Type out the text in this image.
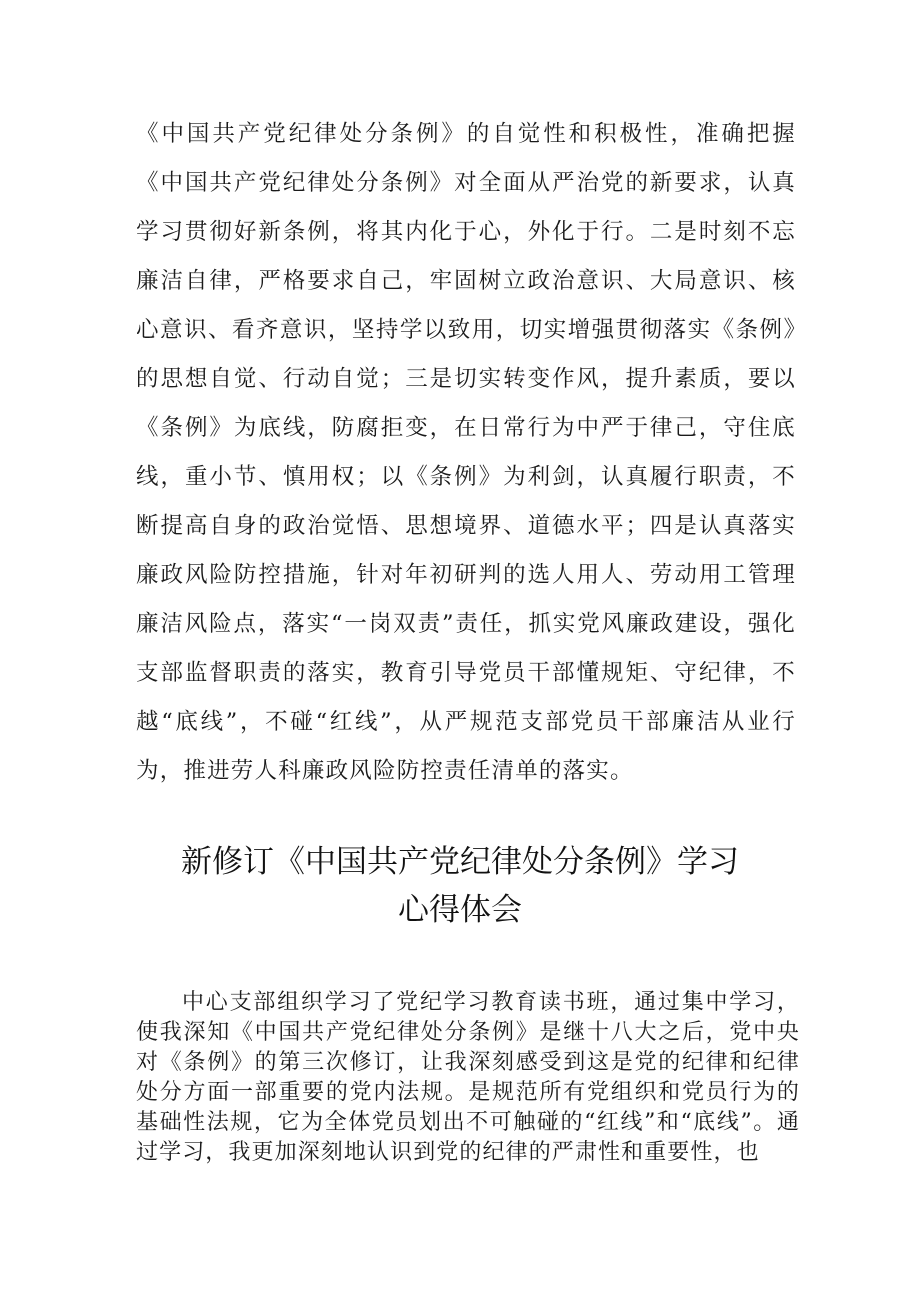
《中国共产党纪律处分条例》的自觉性和积极性，准确把握《中国共产党纪律处分条例》对全面从严治党的新要求，认真学习贯彻好新条例，将其内化于心，外化于行。二是时刻不忘廉洁自律，严格要求自己，牢固树立政治意识、大局意识、核心意识、看齐意识，坚持学以致用，切实增强贯彻落实《条例》的思想自觉、行动自觉；三是切实转变作风，提升素质，要以《条例》为底线，防腐拒变，在日常行为中严于律己，守住底线，重小节、慎用权；以《条例》为利剑，认真履行职责，不断提高自身的政治觉悟、思想境界、道德水平；四是认真落实廉政风险防控措施，针对年初研判的选人用人、劳动用工管理廉洁风险点，落实“一岗双责”责任，抓实党风廉政建设，强化支部监督职责的落实，教育引导党员干部懂规矩、守纪律，不越“底线”，不碰“红线”，从严规范支部党员干部廉洁从业行为，推进劳人科廉政风险防控责任清单的落实。

新修订《中国共产党纪律处分条例》学习
心得体会

中心支部组织学习了党纪学习教育读书班，通过集中学习，使我深知《中国共产党纪律处分条例》是继十八大之后，党中央对《条例》的第三次修订，让我深刻感受到这是党的纪律和纪律处分方面一部重要的党内法规。是规范所有党组织和党员行为的基础性法规，它为全体党员划出不可触碰的“红线”和“底线”。通过学习，我更加深刻地认识到党的纪律的严肃性和重要性，也
